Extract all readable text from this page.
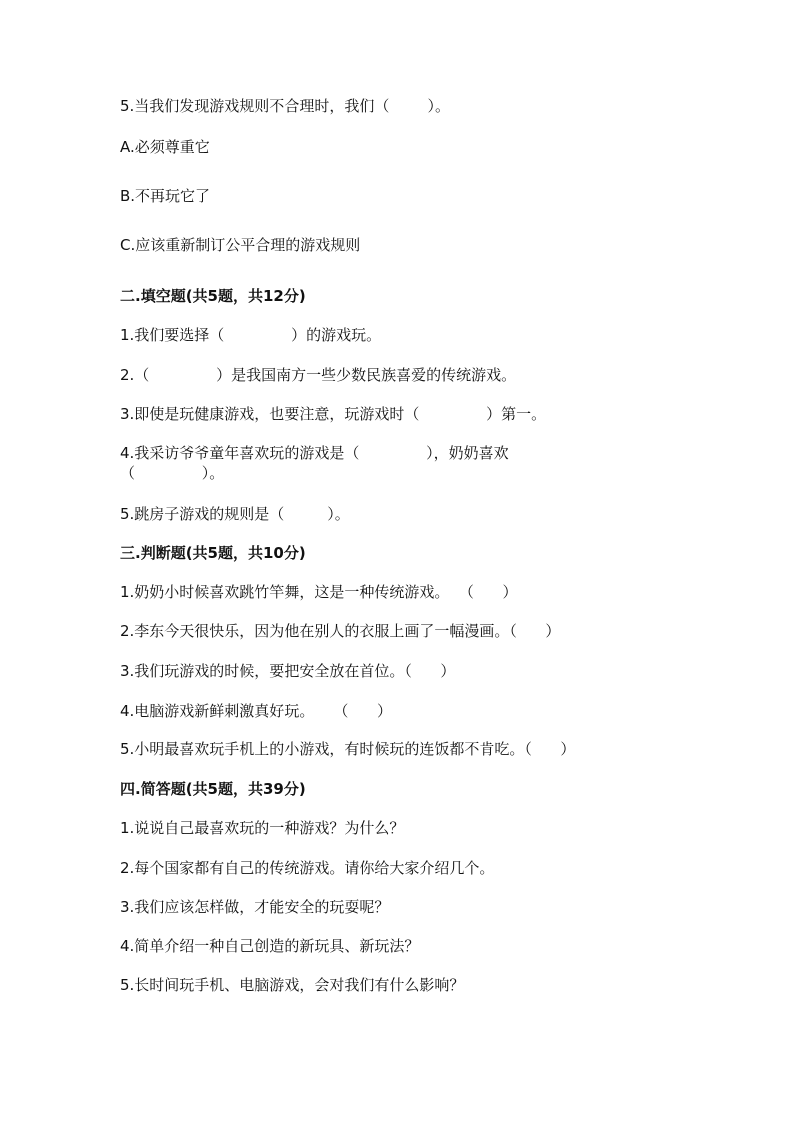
5.当我们发现游戏规则不合理时，我们（        ）。
A.必须尊重它
B.不再玩它了
C.应该重新制订公平合理的游戏规则
二.填空题(共5题，共12分)
1.我们要选择（              ）的游戏玩。
2.（              ）是我国南方一些少数民族喜爱的传统游戏。
3.即使是玩健康游戏，也要注意，玩游戏时（              ）第一。
4.我采访爷爷童年喜欢玩的游戏是（              ），奶奶喜欢
（              ）。
5.跳房子游戏的规则是（         ）。
三.判断题(共5题，共10分)
1.奶奶小时候喜欢跳竹竿舞，这是一种传统游戏。  （      ）
2.李东今天很快乐，因为他在别人的衣服上画了一幅漫画。（      ）
3.我们玩游戏的时候，要把安全放在首位。（      ）
4.电脑游戏新鲜刺激真好玩。    （      ）
5.小明最喜欢玩手机上的小游戏，有时候玩的连饭都不肯吃。（      ）
四.简答题(共5题，共39分)
1.说说自己最喜欢玩的一种游戏？为什么？
2.每个国家都有自己的传统游戏。请你给大家介绍几个。
3.我们应该怎样做，才能安全的玩耍呢？
4.简单介绍一种自己创造的新玩具、新玩法？
5.长时间玩手机、电脑游戏，会对我们有什么影响？
